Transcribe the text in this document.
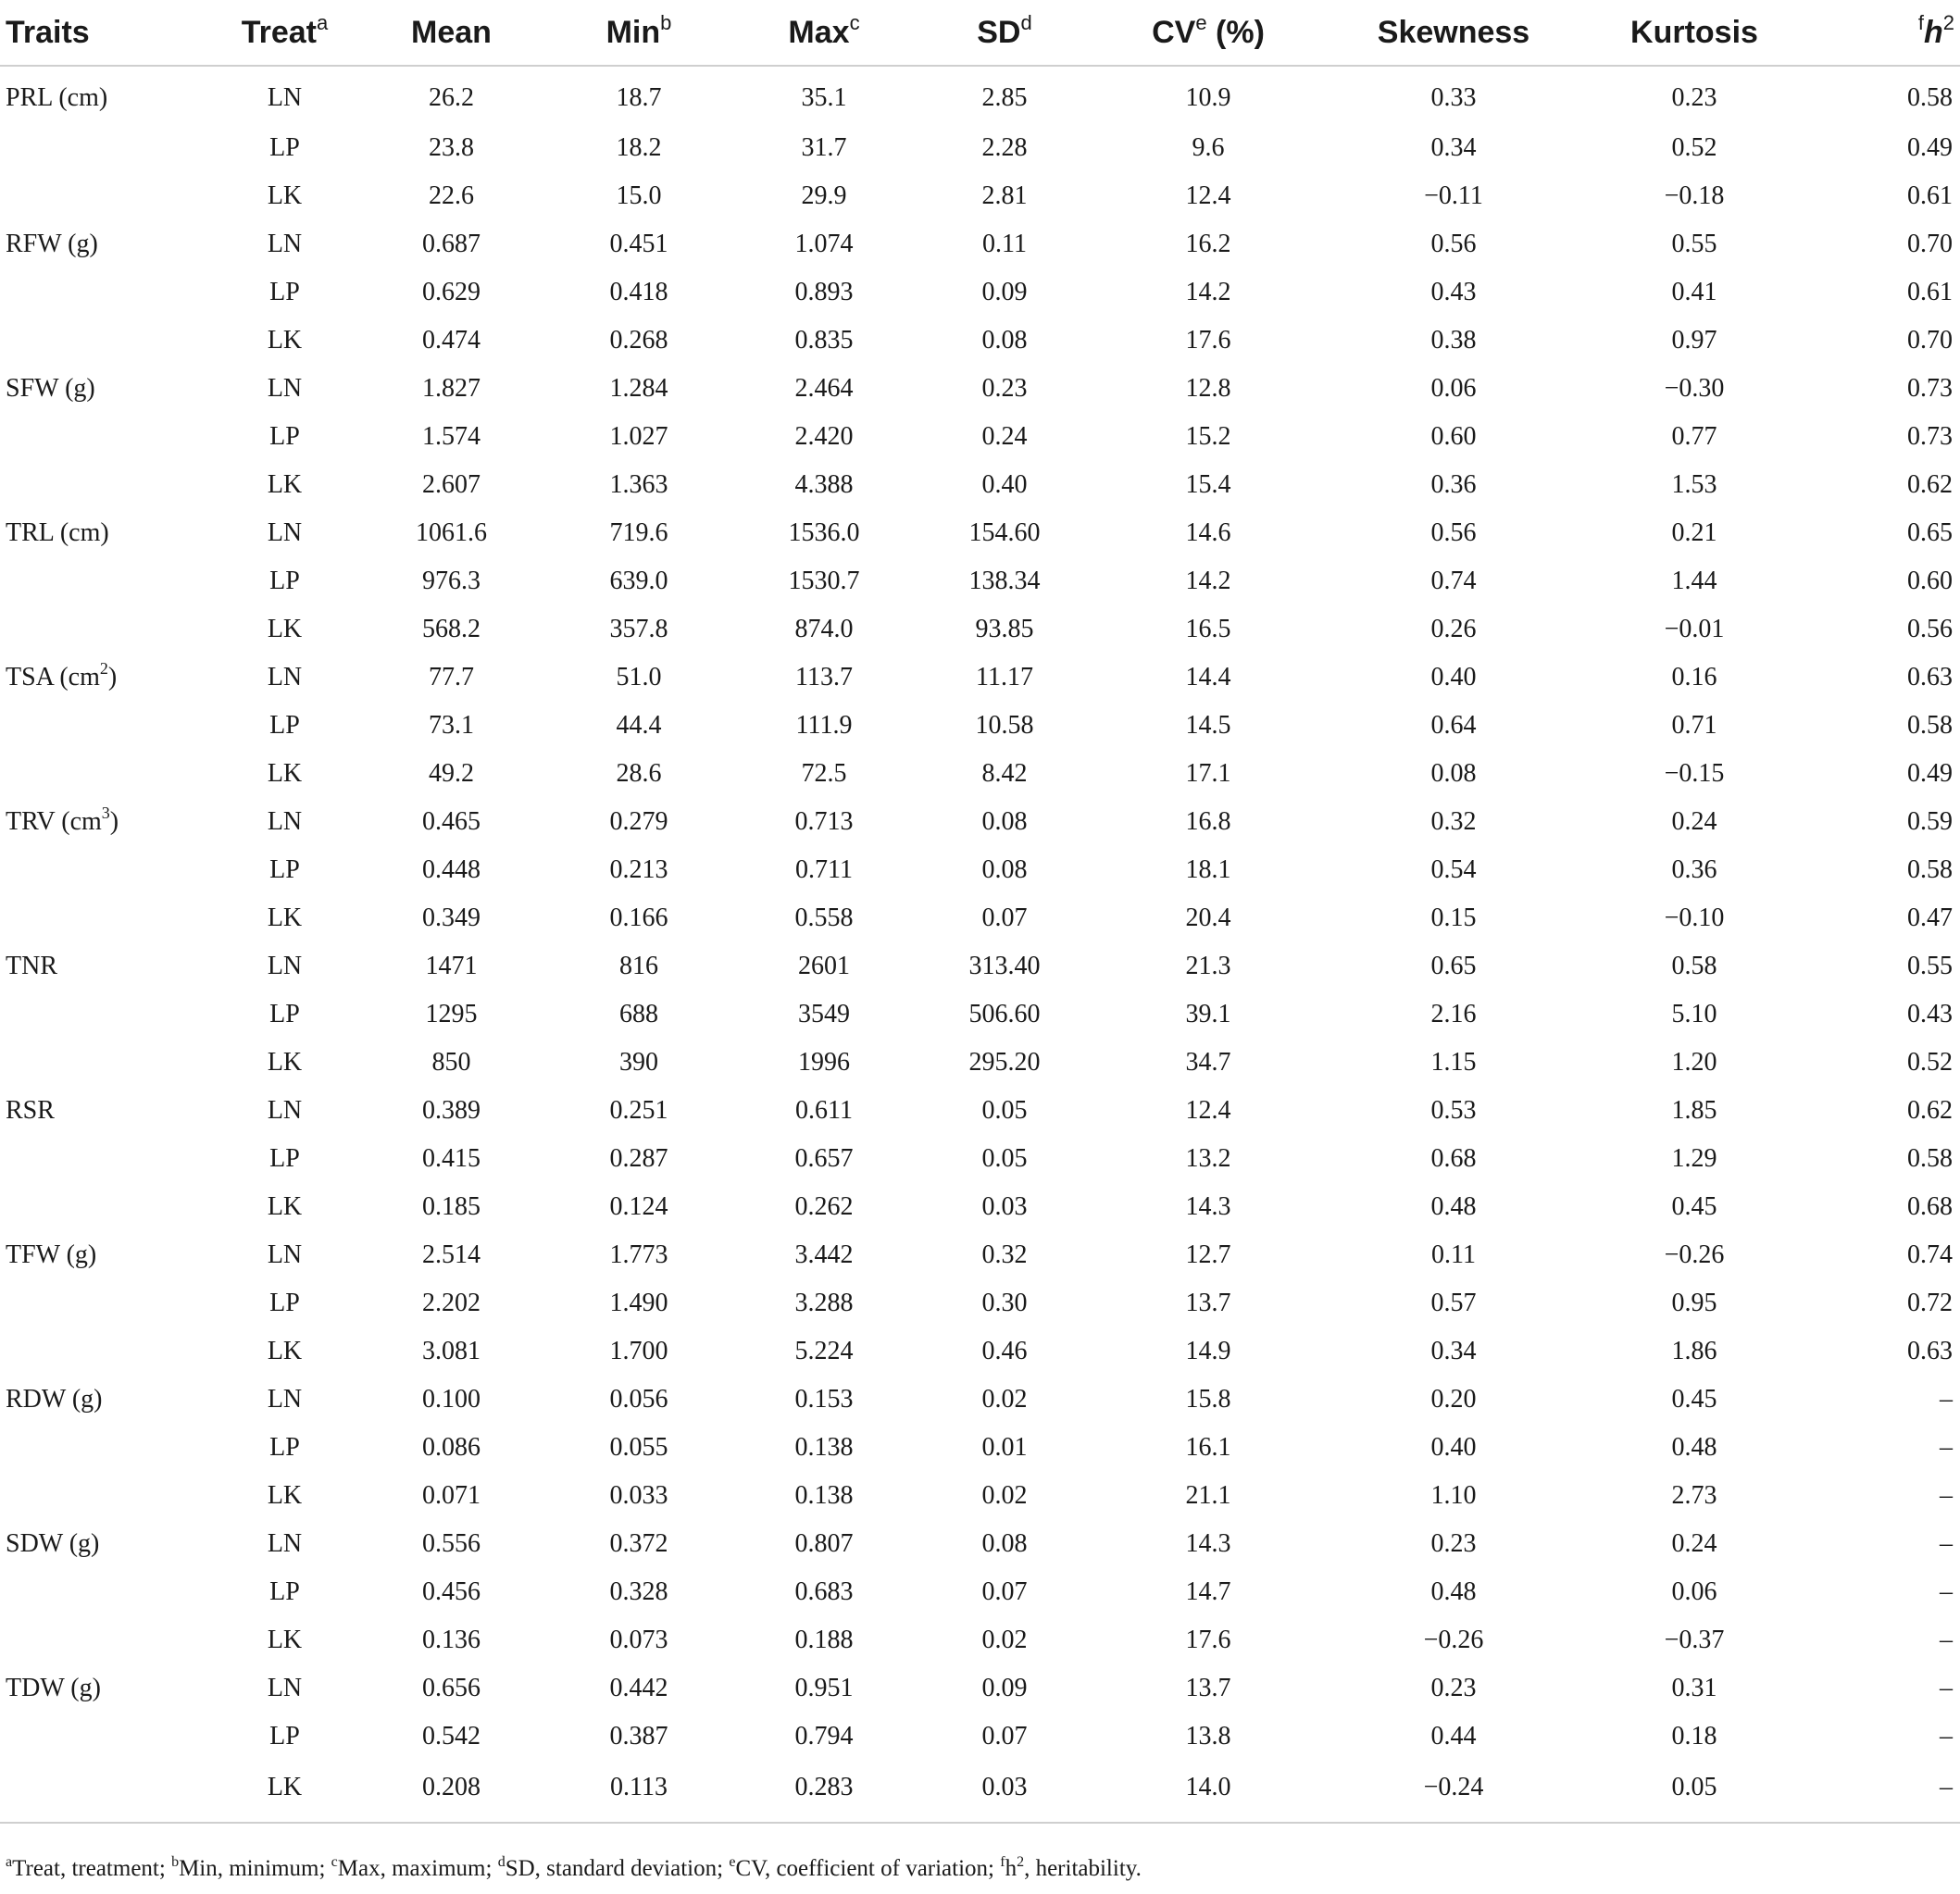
Traits	Treat$^a$	Mean	Min$^b$	Max$^c$	$SD^d$	CVe (%)	Skewness	Kurtosis	$^fh^2$
PRL (cm)	LN	26.2	18.7	35.1	2.85	10.9	0.33	0.23	0.58
	LP	23.8	18.2	31.7	2.28	9.6	0.34	0.52	0.49
	LK	22.6	15.0	29.9	2.81	12.4	−0.11	−0.18	0.61
RFW (g)	LN	0.687	0.451	1.074	0.11	16.2	0.56	0.55	0.70
	LP	0.629	0.418	0.893	0.09	14.2	0.43	0.41	0.61
	LK	0.474	0.268	0.835	0.08	17.6	0.38	0.97	0.70
SFW (g)	LN	1.827	1.284	2.464	0.23	12.8	0.06	−0.30	0.73
	LP	1.574	1.027	2.420	0.24	15.2	0.60	0.77	0.73
	LK	2.607	1.363	4.388	0.40	15.4	0.36	1.53	0.62
TRL (cm)	LN	1061.6	719.6	1536.0	154.60	14.6	0.56	0.21	0.65
	LP	976.3	639.0	1530.7	138.34	14.2	0.74	1.44	0.60
	LK	568.2	357.8	874.0	93.85	16.5	0.26	−0.01	0.56
TSA $(cm^2)$	LN	77.7	51.0	113.7	11.17	14.4	0.40	0.16	0.63
	LP	73.1	44.4	111.9	10.58	14.5	0.64	0.71	0.58
	LK	49.2	28.6	72.5	8.42	17.1	0.08	−0.15	0.49
TRV $(cm^3)$	LN	0.465	0.279	0.713	0.08	16.8	0.32	0.24	0.59
	LP	0.448	0.213	0.711	0.08	18.1	0.54	0.36	0.58
	LK	0.349	0.166	0.558	0.07	20.4	0.15	−0.10	0.47
TNR	LN	1471	816	2601	313.40	21.3	0.65	0.58	0.55
	LP	1295	688	3549	506.60	39.1	2.16	5.10	0.43
	LK	850	390	1996	295.20	34.7	1.15	1.20	0.52
RSR	LN	0.389	0.251	0.611	0.05	12.4	0.53	1.85	0.62
	LP	0.415	0.287	0.657	0.05	13.2	0.68	1.29	0.58
	LK	0.185	0.124	0.262	0.03	14.3	0.48	0.45	0.68
TFW (g)	LN	2.514	1.773	3.442	0.32	12.7	0.11	−0.26	0.74
	LP	2.202	1.490	3.288	0.30	13.7	0.57	0.95	0.72
	LK	3.081	1.700	5.224	0.46	14.9	0.34	1.86	0.63
RDW (g)	LN	0.100	0.056	0.153	0.02	15.8	0.20	0.45	–
	LP	0.086	0.055	0.138	0.01	16.1	0.40	0.48	–
	LK	0.071	0.033	0.138	0.02	21.1	1.10	2.73	–
SDW (g)	LN	0.556	0.372	0.807	0.08	14.3	0.23	0.24	–
	LP	0.456	0.328	0.683	0.07	14.7	0.48	0.06	–
	LK	0.136	0.073	0.188	0.02	17.6	−0.26	−0.37	–
TDW (g)	LN	0.656	0.442	0.951	0.09	13.7	0.23	0.31	–
	LP	0.542	0.387	0.794	0.07	13.8	0.44	0.18	–
	LK	0.208	0.113	0.283	0.03	14.0	−0.24	0.05	–
$^a$Treat, treatment; $^b$Min, minimum; $^c$Max, maximum; $^d$SD, standard deviation; $^e$CV, coefficient of variation; $^fh^2$, heritability.
